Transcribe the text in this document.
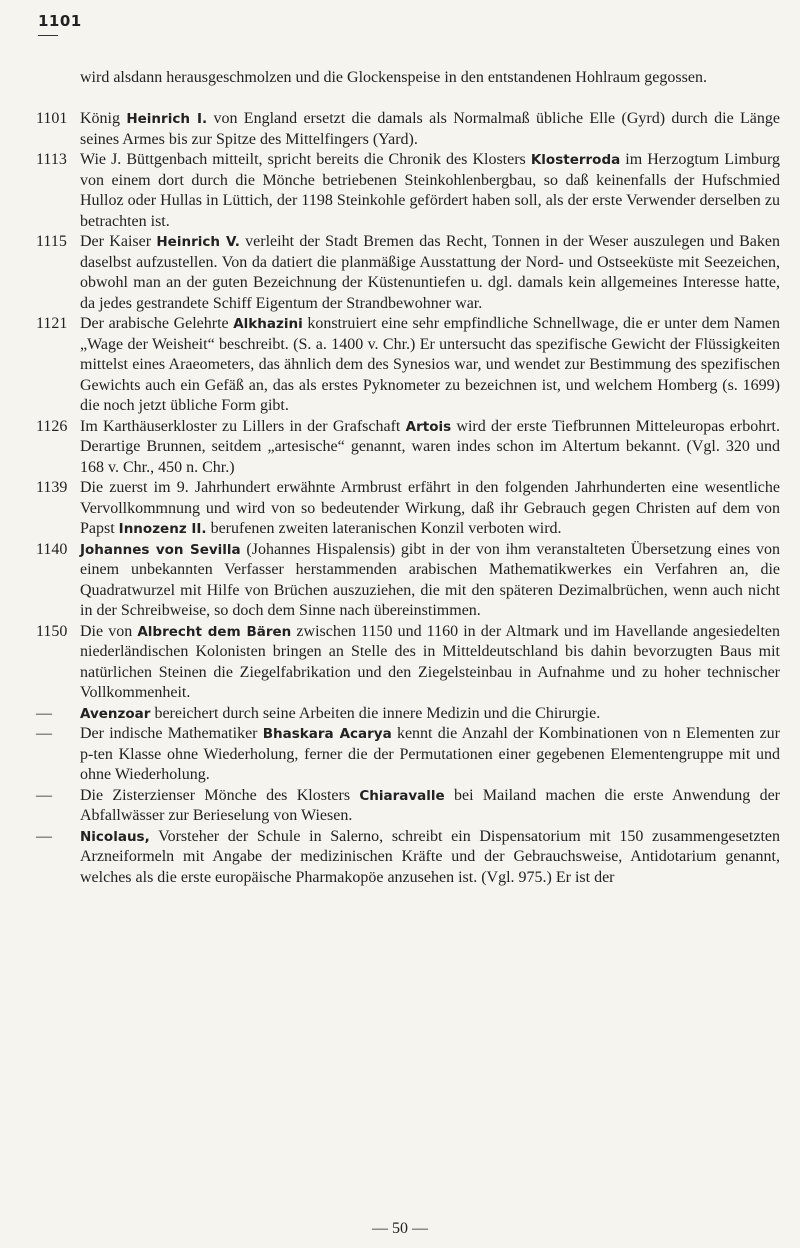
1101
wird alsdann herausgeschmolzen und die Glockenspeise in den entstandenen Hohlraum gegossen.
1101 König Heinrich I. von England ersetzt die damals als Normalmaß übliche Elle (Gyrd) durch die Länge seines Armes bis zur Spitze des Mittelfingers (Yard).
1113 Wie J. Büttgenbach mitteilt, spricht bereits die Chronik des Klosters Klosterroda im Herzogtum Limburg von einem dort durch die Mönche betriebenen Steinkohlenbergbau, so daß keinenfalls der Hufschmied Hulloz oder Hullas in Lüttich, der 1198 Steinkohle gefördert haben soll, als der erste Verwender derselben zu betrachten ist.
1115 Der Kaiser Heinrich V. verleiht der Stadt Bremen das Recht, Tonnen in der Weser auszulegen und Baken daselbst aufzustellen. Von da datiert die planmäßige Ausstattung der Nord- und Ostseeküste mit Seezeichen, obwohl man an der guten Bezeichnung der Küstenuntiefen u. dgl. damals kein allgemeines Interesse hatte, da jedes gestrandete Schiff Eigentum der Strandbewohner war.
1121 Der arabische Gelehrte Alkhazini konstruiert eine sehr empfindliche Schnellwage, die er unter dem Namen „Wage der Weisheit“ beschreibt. (S. a. 1400 v. Chr.) Er untersucht das spezifische Gewicht der Flüssigkeiten mittelst eines Araeometers, das ähnlich dem des Synesios war, und wendet zur Bestimmung des spezifischen Gewichts auch ein Gefäß an, das als erstes Pyknometer zu bezeichnen ist, und welchem Homberg (s. 1699) die noch jetzt übliche Form gibt.
1126 Im Karthäuserkloster zu Lillers in der Grafschaft Artois wird der erste Tiefbrunnen Mitteleuropas erbohrt. Derartige Brunnen, seitdem „artesische“ genannt, waren indes schon im Altertum bekannt. (Vgl. 320 und 168 v. Chr., 450 n. Chr.)
1139 Die zuerst im 9. Jahrhundert erwähnte Armbrust erfährt in den folgenden Jahrhunderten eine wesentliche Vervollkommnung und wird von so bedeutender Wirkung, daß ihr Gebrauch gegen Christen auf dem von Papst Innozenz II. berufenen zweiten lateranischen Konzil verboten wird.
1140 Johannes von Sevilla (Johannes Hispalensis) gibt in der von ihm veranstalteten Übersetzung eines von einem unbekannten Verfasser herstammenden arabischen Mathematikwerkes ein Verfahren an, die Quadratwurzel mit Hilfe von Brüchen auszuziehen, die mit den späteren Dezimalbrüchen, wenn auch nicht in der Schreibweise, so doch dem Sinne nach übereinstimmen.
1150 Die von Albrecht dem Bären zwischen 1150 und 1160 in der Altmark und im Havellande angesiedelten niederländischen Kolonisten bringen an Stelle des in Mitteldeutschland bis dahin bevorzugten Baus mit natürlichen Steinen die Ziegelfabrikation und den Ziegelsteinbau in Aufnahme und zu hoher technischer Vollkommenheit.
— Avenzoar bereichert durch seine Arbeiten die innere Medizin und die Chirurgie.
— Der indische Mathematiker Bhaskara Acarya kennt die Anzahl der Kombinationen von n Elementen zur p-ten Klasse ohne Wiederholung, ferner die der Permutationen einer gegebenen Elementengruppe mit und ohne Wiederholung.
— Die Zisterzienser Mönche des Klosters Chiaravalle bei Mailand machen die erste Anwendung der Abfallwässer zur Berieselung von Wiesen.
— Nicolaus, Vorsteher der Schule in Salerno, schreibt ein Dispensatorium mit 150 zusammengesetzten Arzneiformeln mit Angabe der medizinischen Kräfte und der Gebrauchsweise, Antidotarium genannt, welches als die erste europäische Pharmakopöe anzusehen ist. (Vgl. 975.) Er ist der
— 50 —
